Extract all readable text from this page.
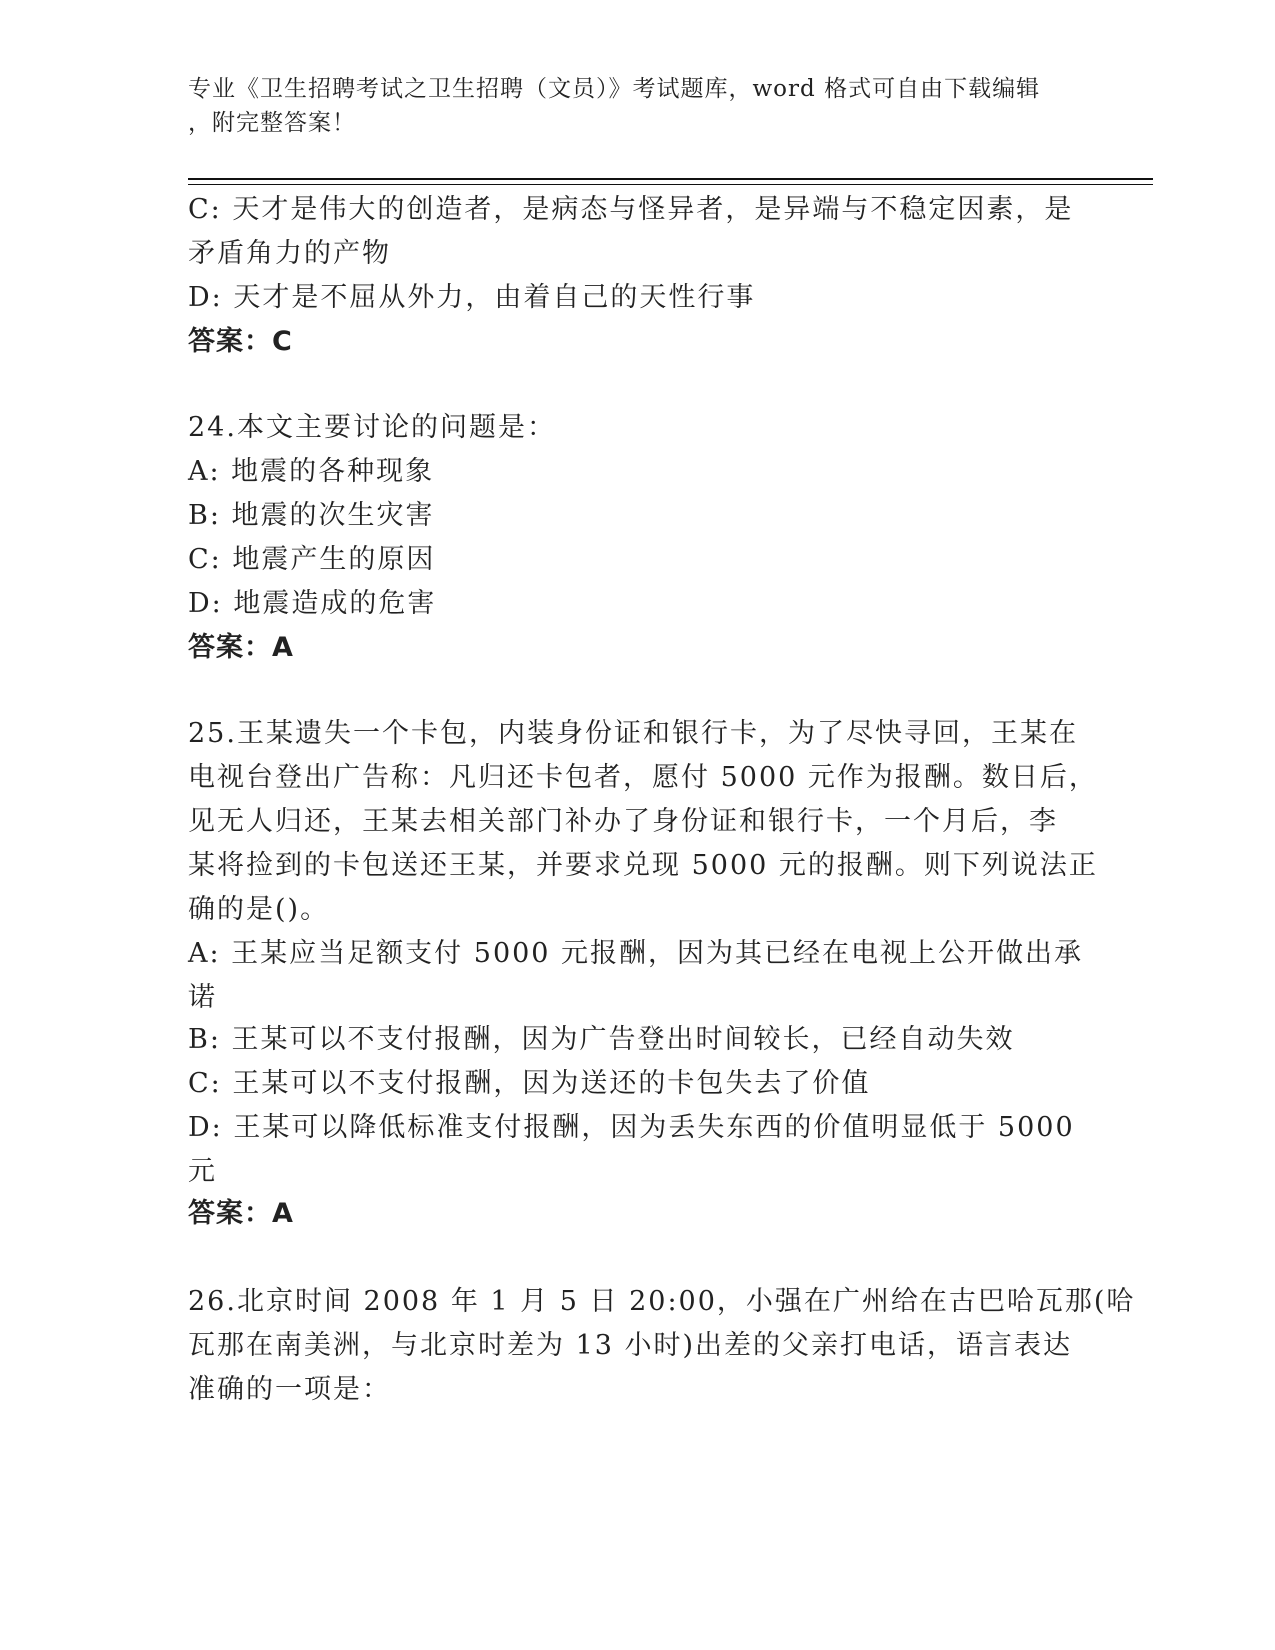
专业《卫生招聘考试之卫生招聘（文员）》考试题库，word 格式可自由下载编辑
，附完整答案！
C: 天才是伟大的创造者，是病态与怪异者，是异端与不稳定因素，是
矛盾角力的产物
D: 天才是不屈从外力，由着自己的天性行事
答案：C
24.本文主要讨论的问题是：
A: 地震的各种现象
B: 地震的次生灾害
C: 地震产生的原因
D: 地震造成的危害
答案：A
25.王某遗失一个卡包，内装身份证和银行卡，为了尽快寻回，王某在
电视台登出广告称：凡归还卡包者，愿付 5000 元作为报酬。数日后，
见无人归还，王某去相关部门补办了身份证和银行卡，一个月后，李
某将捡到的卡包送还王某，并要求兑现 5000 元的报酬。则下列说法正
确的是()。
A: 王某应当足额支付 5000 元报酬，因为其已经在电视上公开做出承
诺
B: 王某可以不支付报酬，因为广告登出时间较长，已经自动失效
C: 王某可以不支付报酬，因为送还的卡包失去了价值
D: 王某可以降低标准支付报酬，因为丢失东西的价值明显低于 5000
元
答案：A
26.北京时间 2008 年 1 月 5 日 20:00，小强在广州给在古巴哈瓦那(哈
瓦那在南美洲，与北京时差为 13 小时)出差的父亲打电话，语言表达
准确的一项是：
